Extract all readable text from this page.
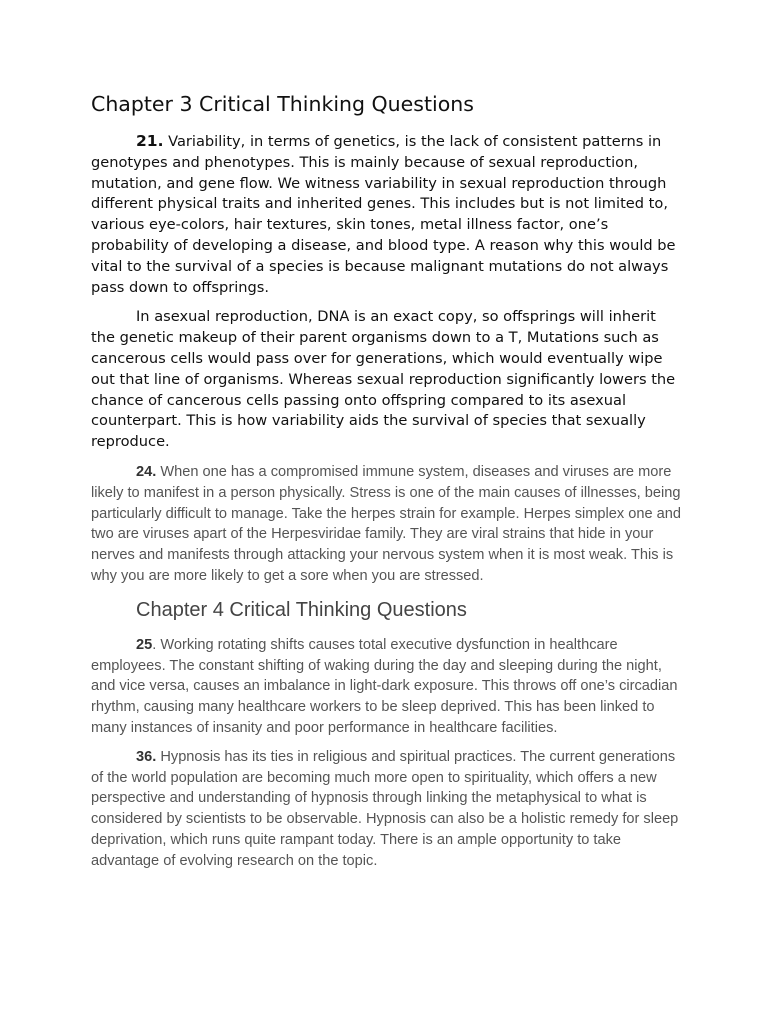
Chapter 3 Critical Thinking Questions

21. Variability, in terms of genetics, is the lack of consistent patterns in genotypes and phenotypes. This is mainly because of sexual reproduction, mutation, and gene flow. We witness variability in sexual reproduction through different physical traits and inherited genes. This includes but is not limited to, various eye-colors, hair textures, skin tones, metal illness factor, one’s probability of developing a disease, and blood type. A reason why this would be vital to the survival of a species is because malignant mutations do not always pass down to offsprings.

In asexual reproduction, DNA is an exact copy, so offsprings will inherit the genetic makeup of their parent organisms down to a T, Mutations such as cancerous cells would pass over for generations, which would eventually wipe out that line of organisms. Whereas sexual reproduction significantly lowers the chance of cancerous cells passing onto offspring compared to its asexual counterpart. This is how variability aids the survival of species that sexually reproduce.

24. When one has a compromised immune system, diseases and viruses are more likely to manifest in a person physically. Stress is one of the main causes of illnesses, being particularly difficult to manage. Take the herpes strain for example. Herpes simplex one and two are viruses apart of the Herpesviridae family. They are viral strains that hide in your nerves and manifests through attacking your nervous system when it is most weak. This is why you are more likely to get a sore when you are stressed.

Chapter 4 Critical Thinking Questions

25. Working rotating shifts causes total executive dysfunction in healthcare employees. The constant shifting of waking during the day and sleeping during the night, and vice versa, causes an imbalance in light-dark exposure. This throws off one’s circadian rhythm, causing many healthcare workers to be sleep deprived. This has been linked to many instances of insanity and poor performance in healthcare facilities.

36. Hypnosis has its ties in religious and spiritual practices. The current generations of the world population are becoming much more open to spirituality, which offers a new perspective and understanding of hypnosis through linking the metaphysical to what is considered by scientists to be observable. Hypnosis can also be a holistic remedy for sleep deprivation, which runs quite rampant today. There is an ample opportunity to take advantage of evolving research on the topic.
